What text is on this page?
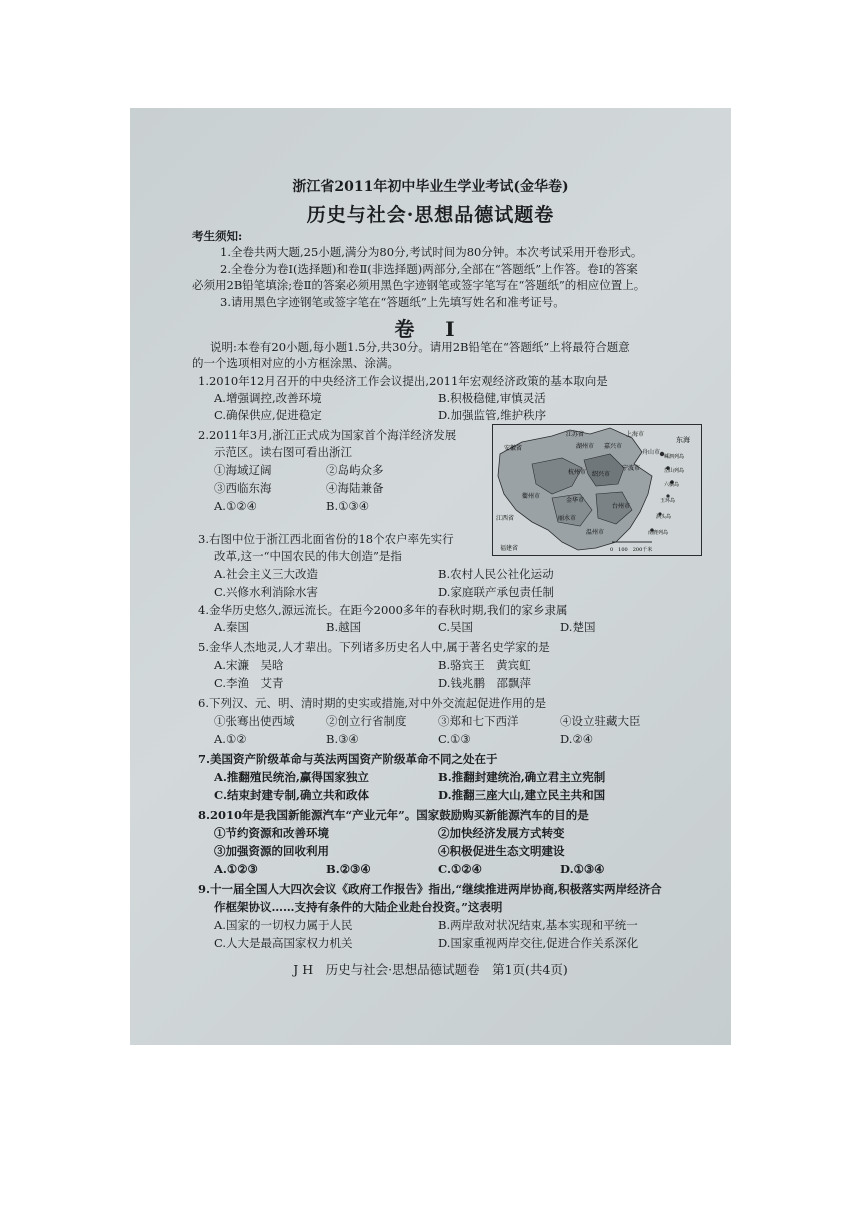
浙江省2011年初中毕业生学业考试(金华卷)
历史与社会·思想品德试题卷
考生须知:
1.全卷共两大题,25小题,满分为80分,考试时间为80分钟。本次考试采用开卷形式。
2.全卷分为卷Ⅰ(选择题)和卷Ⅱ(非选择题)两部分,全部在“答题纸”上作答。卷Ⅰ的答案
必须用2B铅笔填涂;卷Ⅱ的答案必须用黑色字迹钢笔或签字笔写在“答题纸”的相应位置上。
3.请用黑色字迹钢笔或签字笔在“答题纸”上先填写姓名和准考证号。
卷 Ⅰ
说明:本卷有20小题,每小题1.5分,共30分。请用2B铅笔在“答题纸”上将最符合题意
的一个选项相对应的小方框涂黑、涂满。
1.2010年12月召开的中央经济工作会议提出,2011年宏观经济政策的基本取向是
A.增强调控,改善环境	B.积极稳健,审慎灵活
C.确保供应,促进稳定	D.加强监管,维护秩序
2.2011年3月,浙江正式成为国家首个海洋经济发展
示范区。读右图可看出浙江
①海域辽阔	②岛屿众多
③西临东海	④海陆兼备
A.①②④	B.①③④
江苏省	上海市
安徽省	湖州市 嘉兴市
杭州市 绍兴市
宁波市
舟山市
东海
金华市
衢州市
台州市
丽水市
温州市
江西省
福建省
嵊泗列岛
岱山列岛
六横岛
玉环岛
洞头岛
南麂列岛
0　100　200千米
3.右图中位于浙江西北面省份的18个农户率先实行
改革,这一“中国农民的伟大创造”是指
A.社会主义三大改造	B.农村人民公社化运动
C.兴修水利消除水害	D.家庭联产承包责任制
4.金华历史悠久,源远流长。在距今2000多年的春秋时期,我们的家乡隶属
A.秦国	B.越国	C.吴国	D.楚国
5.金华人杰地灵,人才辈出。下列诸多历史名人中,属于著名史学家的是
A.宋濂　吴晗	B.骆宾王　黄宾虹
C.李渔　艾青	D.钱兆鹏　邵飘萍
6.下列汉、元、明、清时期的史实或措施,对中外交流起促进作用的是
①张骞出使西域	②创立行省制度	③郑和七下西洋	④设立驻藏大臣
A.①②	B.③④	C.①③	D.②④
7.美国资产阶级革命与英法两国资产阶级革命不同之处在于
A.推翻殖民统治,赢得国家独立	B.推翻封建统治,确立君主立宪制
C.结束封建专制,确立共和政体	D.推翻三座大山,建立民主共和国
8.2010年是我国新能源汽车“产业元年”。国家鼓励购买新能源汽车的目的是
①节约资源和改善环境	②加快经济发展方式转变
③加强资源的回收利用	④积极促进生态文明建设
A.①②③	B.②③④	C.①②④	D.①③④
9.十一届全国人大四次会议《政府工作报告》指出,“继续推进两岸协商,积极落实两岸经济合
作框架协议……支持有条件的大陆企业赴台投资。”这表明
A.国家的一切权力属于人民	B.两岸敌对状况结束,基本实现和平统一
C.人大是最高国家权力机关	D.国家重视两岸交往,促进合作关系深化
J H　历史与社会·思想品德试题卷　第1页(共4页)
